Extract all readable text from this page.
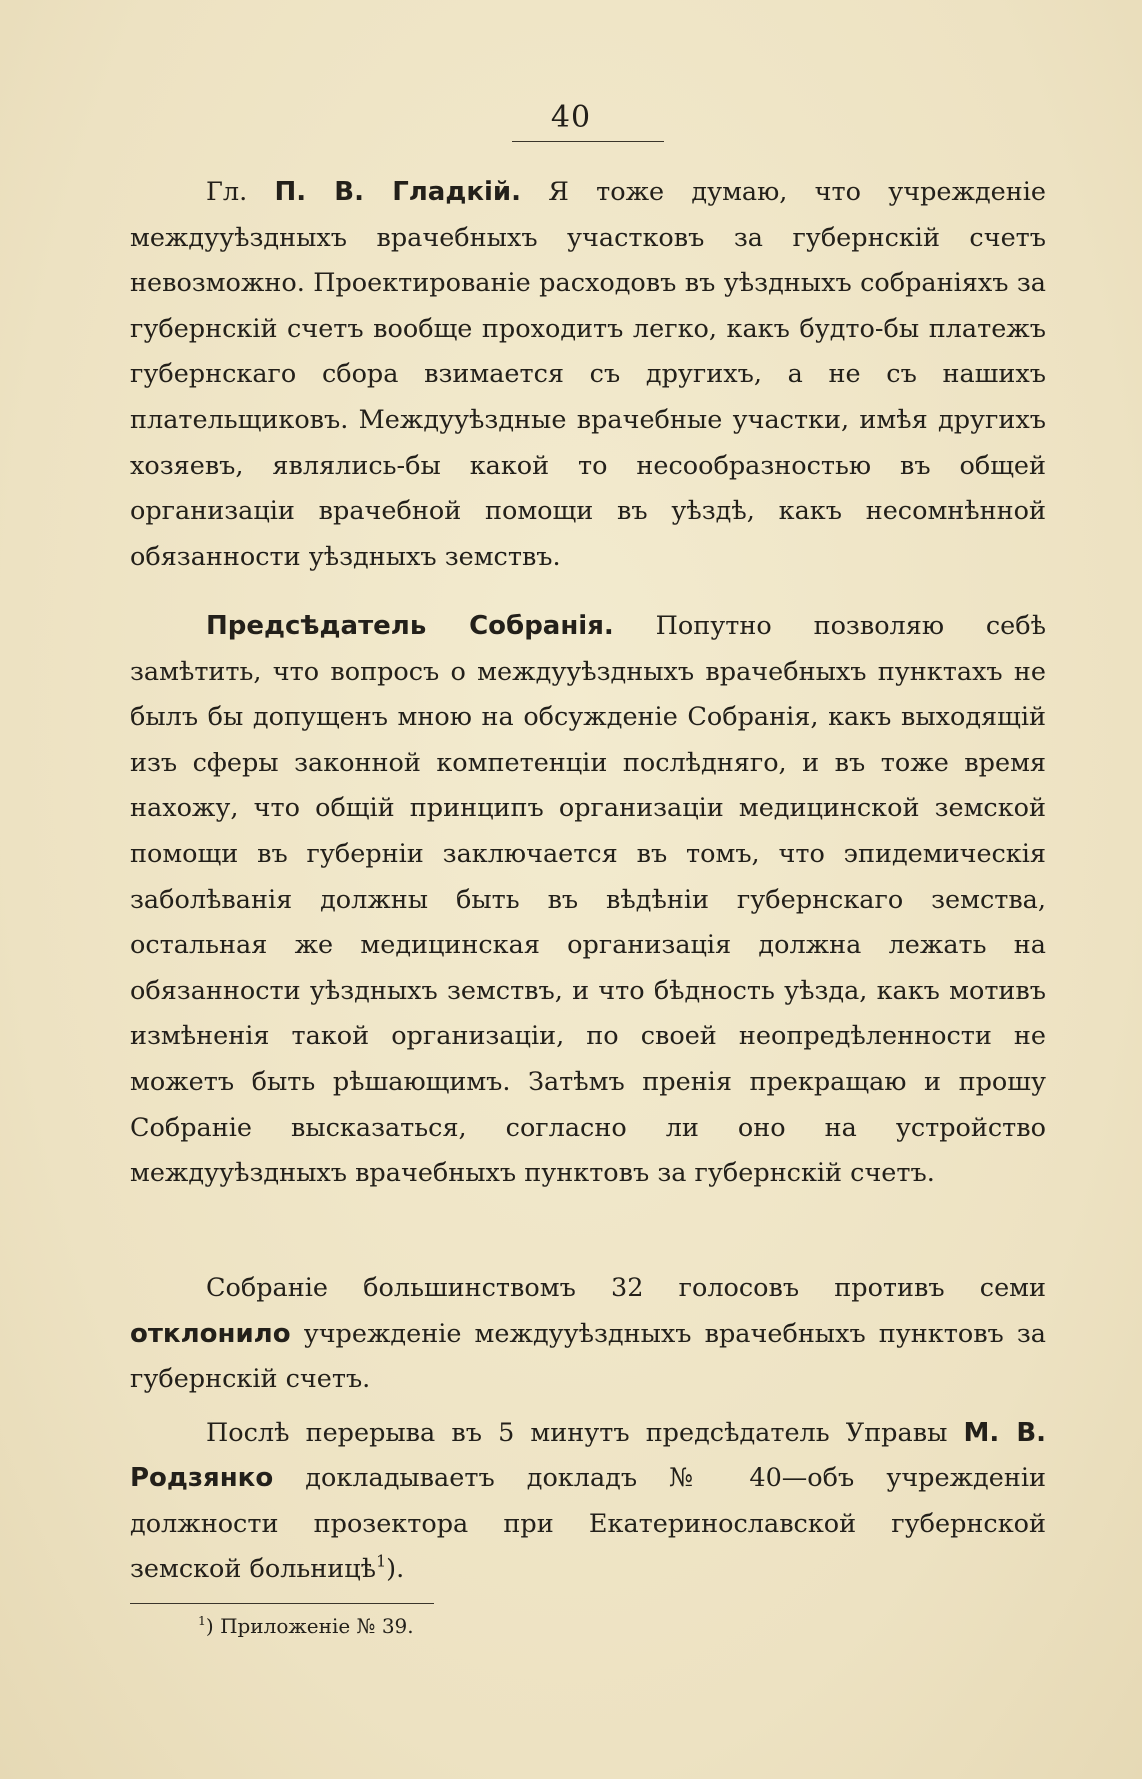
40

Гл. П. В. Гладкій. Я тоже думаю, что учрежденіе междууѣздныхъ врачебныхъ участковъ за губернскій счетъ невозможно. Проектированіе расходовъ въ уѣздныхъ собраніяхъ за губернскій счетъ вообще проходитъ легко, какъ будто-бы платежъ губернскаго сбора взимается съ другихъ, а не съ нашихъ плательщиковъ. Междууѣздные врачебные участки, имѣя другихъ хозяевъ, являлись-бы какой то несообразностью въ общей организаціи врачебной помощи въ уѣздѣ, какъ несомнѣнной обязанности уѣздныхъ земствъ.

Предсѣдатель Собранія. Попутно позволяю себѣ замѣтить, что вопросъ о междууѣздныхъ врачебныхъ пунктахъ не былъ бы допущенъ мною на обсужденіе Собранія, какъ выходящій изъ сферы законной компетенціи послѣдняго, и въ тоже время нахожу, что общій принципъ организаціи медицинской земской помощи въ губерніи заключается въ томъ, что эпидемическія заболѣванія должны быть въ вѣдѣніи губернскаго земства, остальная же медицинская организація должна лежать на обязанности уѣздныхъ земствъ, и что бѣдность уѣзда, какъ мотивъ измѣненія такой организаціи, по своей неопредѣленности не можетъ быть рѣшающимъ. Затѣмъ пренія прекращаю и прошу Собраніе высказаться, согласно ли оно на устройство междууѣздныхъ врачебныхъ пунктовъ за губернскій счетъ.

Собраніе большинствомъ 32 голосовъ противъ семи отклонило учрежденіе междууѣздныхъ врачебныхъ пунктовъ за губернскій счетъ.

Послѣ перерыва въ 5 минутъ предсѣдатель Управы М. В. Родзянко докладываетъ докладъ № 40—объ учрежденіи должности прозектора при Екатеринославской губернской земской больницѣ$^1$).

$^1$) Приложеніе № 39.
